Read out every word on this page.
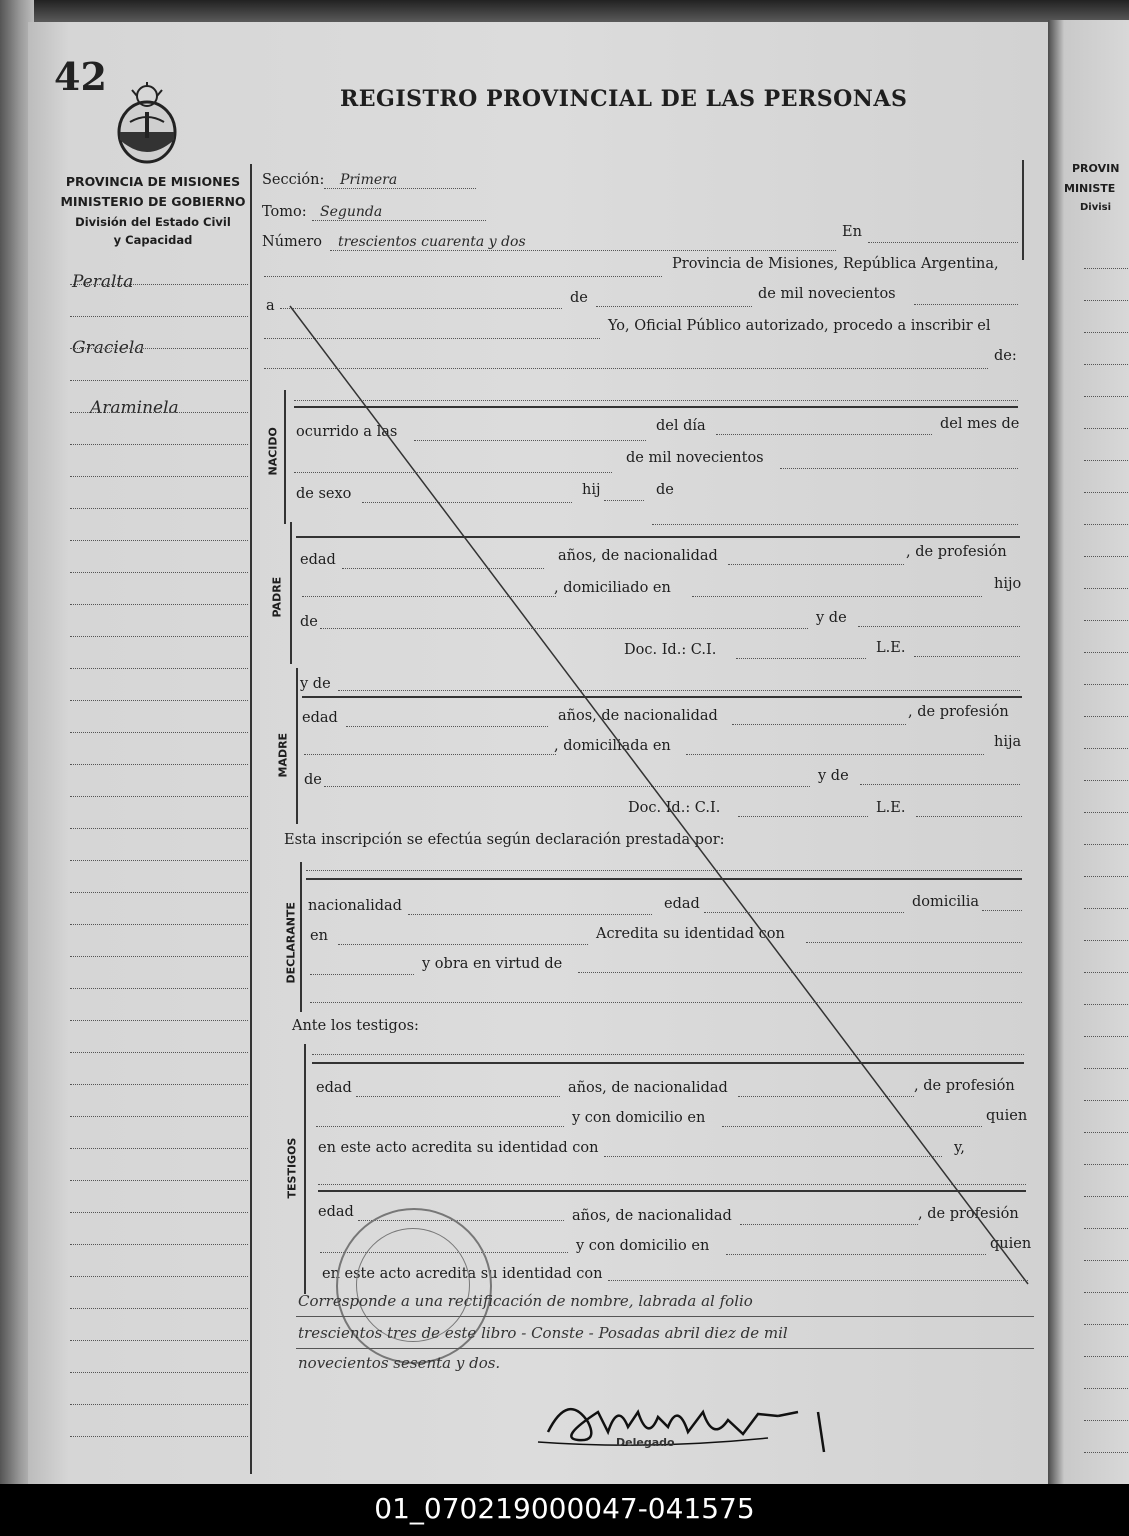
42	REGISTRO PROVINCIAL DE LAS PERSONAS
PROVINCIA DE MISIONES
MINISTERIO DE GOBIERNO
División del Estado Civil
y Capacidad
Peralta
Graciela
Araminela
Sección: Primera
Tomo: Segunda
Número trescientos cuarenta y dos
En
Provincia de Misiones, República Argentina,
a	de	de mil novecientos
Yo, Oficial Público autorizado, procedo a inscribir el
de:
NACIDO ocurrido a las	del día	del mes de
de mil novecientos
de sexo	hij	de
PADRE
edad	años, de nacionalidad	, de profesión
, domiciliado en	hijo
de	y de
Doc. Id.: C.I.	L.E.
MADRE
y de
edad	años, de nacionalidad	, de profesión
, domiciliada en	hija
de	y de
Doc. Id.: C.I.	L.E.
Esta inscripción se efectúa según declaración prestada por:
DECLARANTE nacionalidad	edad	domicilia
en	Acredita su identidad con
y obra en virtud de
Ante los testigos:
TESTIGOS
edad	años, de nacionalidad	, de profesión
y con domicilio en	quien
en este acto acredita su identidad con	y,
edad	años, de nacionalidad	, de profesión
y con domicilio en	quien
en este acto acredita su identidad con
Corresponde a una rectificación de nombre, labrada al folio
trescientos tres de este libro - Conste - Posadas abril diez de mil
novecientos sesenta y dos.
Delegado
PROVIN
MINISTE
Divisi
01_070219000047-041575
